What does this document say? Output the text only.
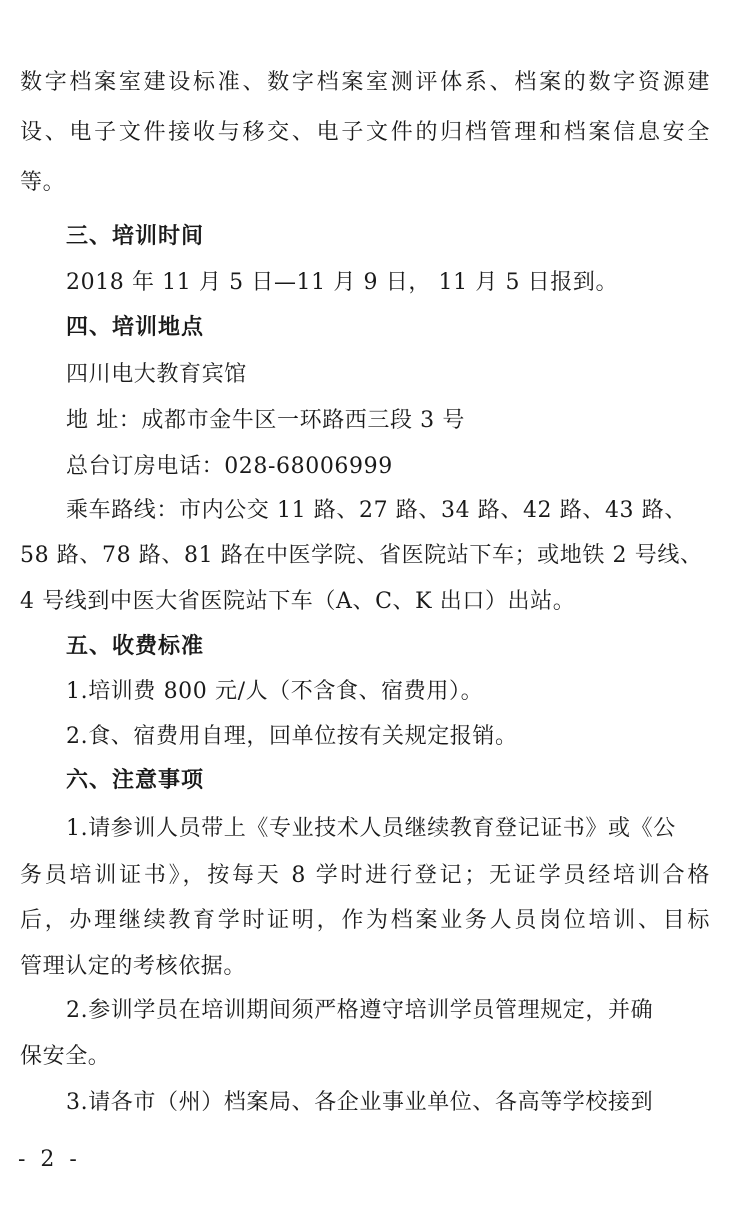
数字档案室建设标准、数字档案室测评体系、档案的数字资源建
设、电子文件接收与移交、电子文件的归档管理和档案信息安全
等。
三、培训时间
2018 年 11 月 5 日—11 月 9 日， 11 月 5 日报到。
四、培训地点
四川电大教育宾馆
地 址：成都市金牛区一环路西三段 3 号
总台订房电话：028-68006999
乘车路线：市内公交 11 路、27 路、34 路、42 路、43 路、
58 路、78 路、81 路在中医学院、省医院站下车；或地铁 2 号线、
4 号线到中医大省医院站下车（A、C、K 出口）出站。
五、收费标准
1.培训费 800 元/人（不含食、宿费用）。
2.食、宿费用自理，回单位按有关规定报销。
六、注意事项
1.请参训人员带上《专业技术人员继续教育登记证书》或《公
务员培训证书》，按每天 8 学时进行登记；无证学员经培训合格
后，办理继续教育学时证明，作为档案业务人员岗位培训、目标
管理认定的考核依据。
2.参训学员在培训期间须严格遵守培训学员管理规定，并确
保安全。
3.请各市（州）档案局、各企业事业单位、各高等学校接到
- 2 -
